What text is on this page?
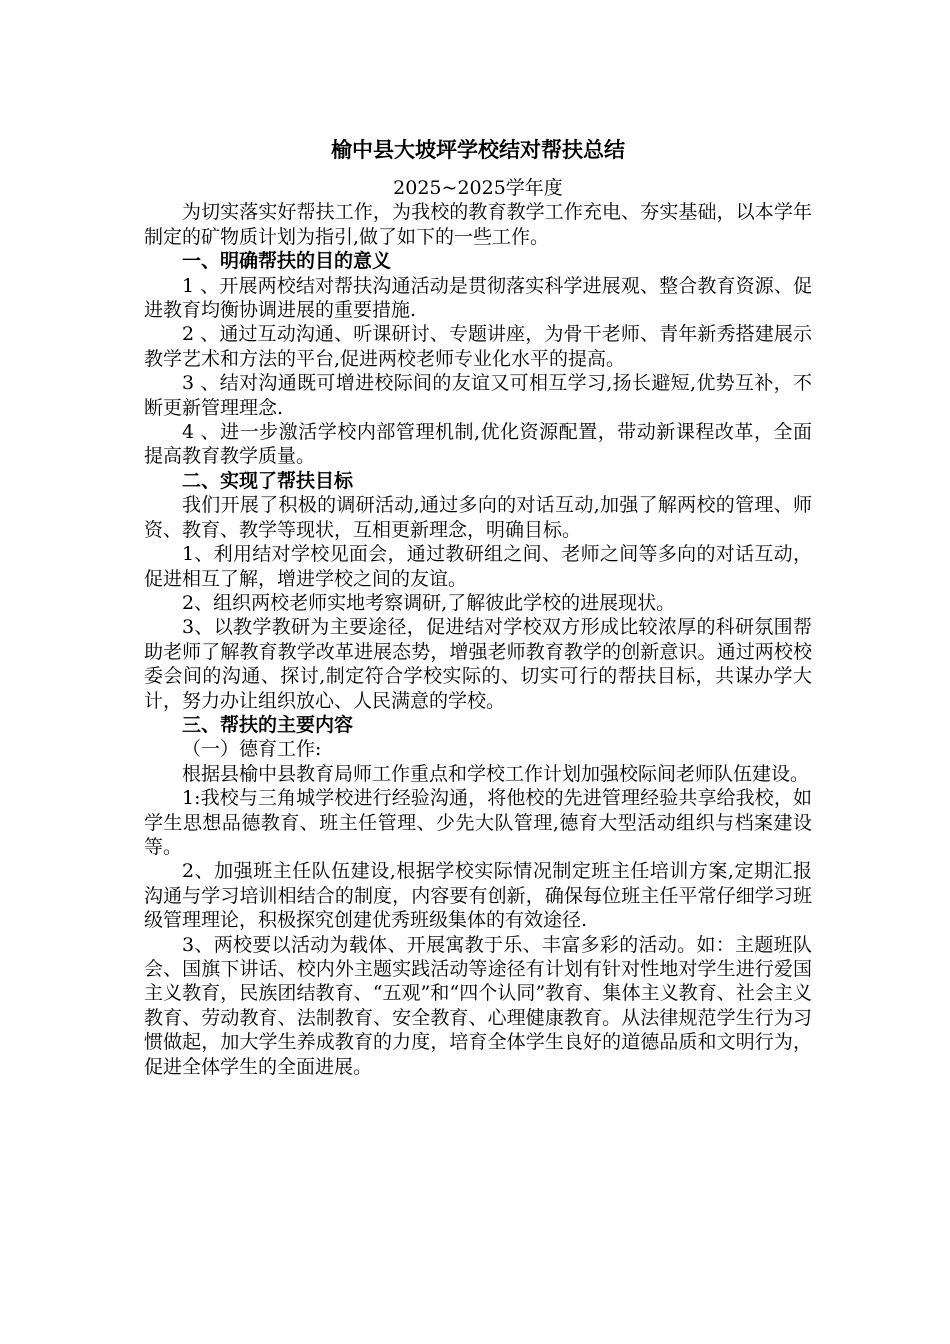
榆中县大坡坪学校结对帮扶总结
2025~2025学年度

为切实落实好帮扶工作，为我校的教育教学工作充电、夯实基础，以本学年制定的矿物质计划为指引,做了如下的一些工作。

一、明确帮扶的目的意义

1 、开展两校结对帮扶沟通活动是贯彻落实科学进展观、整合教育资源、促进教育均衡协调进展的重要措施.

2 、通过互动沟通、听课研讨、专题讲座，为骨干老师、青年新秀搭建展示教学艺术和方法的平台,促进两校老师专业化水平的提高。

3 、结对沟通既可增进校际间的友谊又可相互学习,扬长避短,优势互补，不断更新管理理念.

4 、进一步激活学校内部管理机制,优化资源配置，带动新课程改革，全面提高教育教学质量。

二、实现了帮扶目标

我们开展了积极的调研活动,通过多向的对话互动,加强了解两校的管理、师资、教育、教学等现状，互相更新理念，明确目标。

1、利用结对学校见面会，通过教研组之间、老师之间等多向的对话互动，促进相互了解，增进学校之间的友谊。

2、组织两校老师实地考察调研,了解彼此学校的进展现状。

3、以教学教研为主要途径，促进结对学校双方形成比较浓厚的科研氛围帮助老师了解教育教学改革进展态势，增强老师教育教学的创新意识。通过两校校委会间的沟通、探讨,制定符合学校实际的、切实可行的帮扶目标，共谋办学大计，努力办让组织放心、人民满意的学校。

三、帮扶的主要内容

（一）德育工作:

根据县榆中县教育局师工作重点和学校工作计划加强校际间老师队伍建设。

1:我校与三角城学校进行经验沟通，将他校的先进管理经验共享给我校，如学生思想品德教育、班主任管理、少先大队管理,德育大型活动组织与档案建设等。

2、加强班主任队伍建设,根据学校实际情况制定班主任培训方案,定期汇报沟通与学习培训相结合的制度，内容要有创新，确保每位班主任平常仔细学习班级管理理论，积极探究创建优秀班级集体的有效途径.

3、两校要以活动为载体、开展寓教于乐、丰富多彩的活动。如：主题班队会、国旗下讲话、校内外主题实践活动等途径有计划有针对性地对学生进行爱国主义教育，民族团结教育、“五观”和“四个认同”教育、集体主义教育、社会主义教育、劳动教育、法制教育、安全教育、心理健康教育。从法律规范学生行为习惯做起，加大学生养成教育的力度，培育全体学生良好的道德品质和文明行为，促进全体学生的全面进展。
